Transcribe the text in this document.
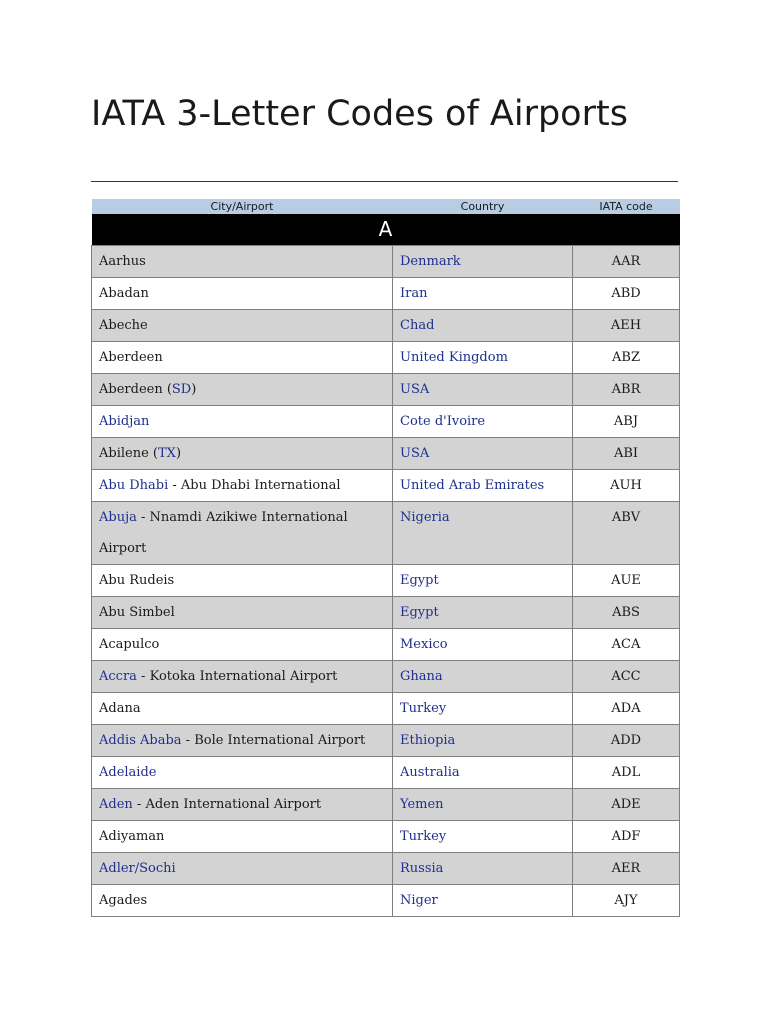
IATA 3-Letter Codes of Airports
City/Airport	Country	IATA code
A		
Aarhus	Denmark	AAR
Abadan	Iran	ABD
Abeche	Chad	AEH
Aberdeen	United Kingdom	ABZ
Aberdeen (SD)	USA	ABR
Abidjan	Cote d'Ivoire	ABJ
Abilene (TX)	USA	ABI
Abu Dhabi - Abu Dhabi International	United Arab Emirates	AUH
Abuja - Nnamdi Azikiwe International Airport	Nigeria	ABV
Abu Rudeis	Egypt	AUE
Abu Simbel	Egypt	ABS
Acapulco	Mexico	ACA
Accra - Kotoka International Airport	Ghana	ACC
Adana	Turkey	ADA
Addis Ababa - Bole International Airport	Ethiopia	ADD
Adelaide	Australia	ADL
Aden - Aden International Airport	Yemen	ADE
Adiyaman	Turkey	ADF
Adler/Sochi	Russia	AER
Agades	Niger	AJY
